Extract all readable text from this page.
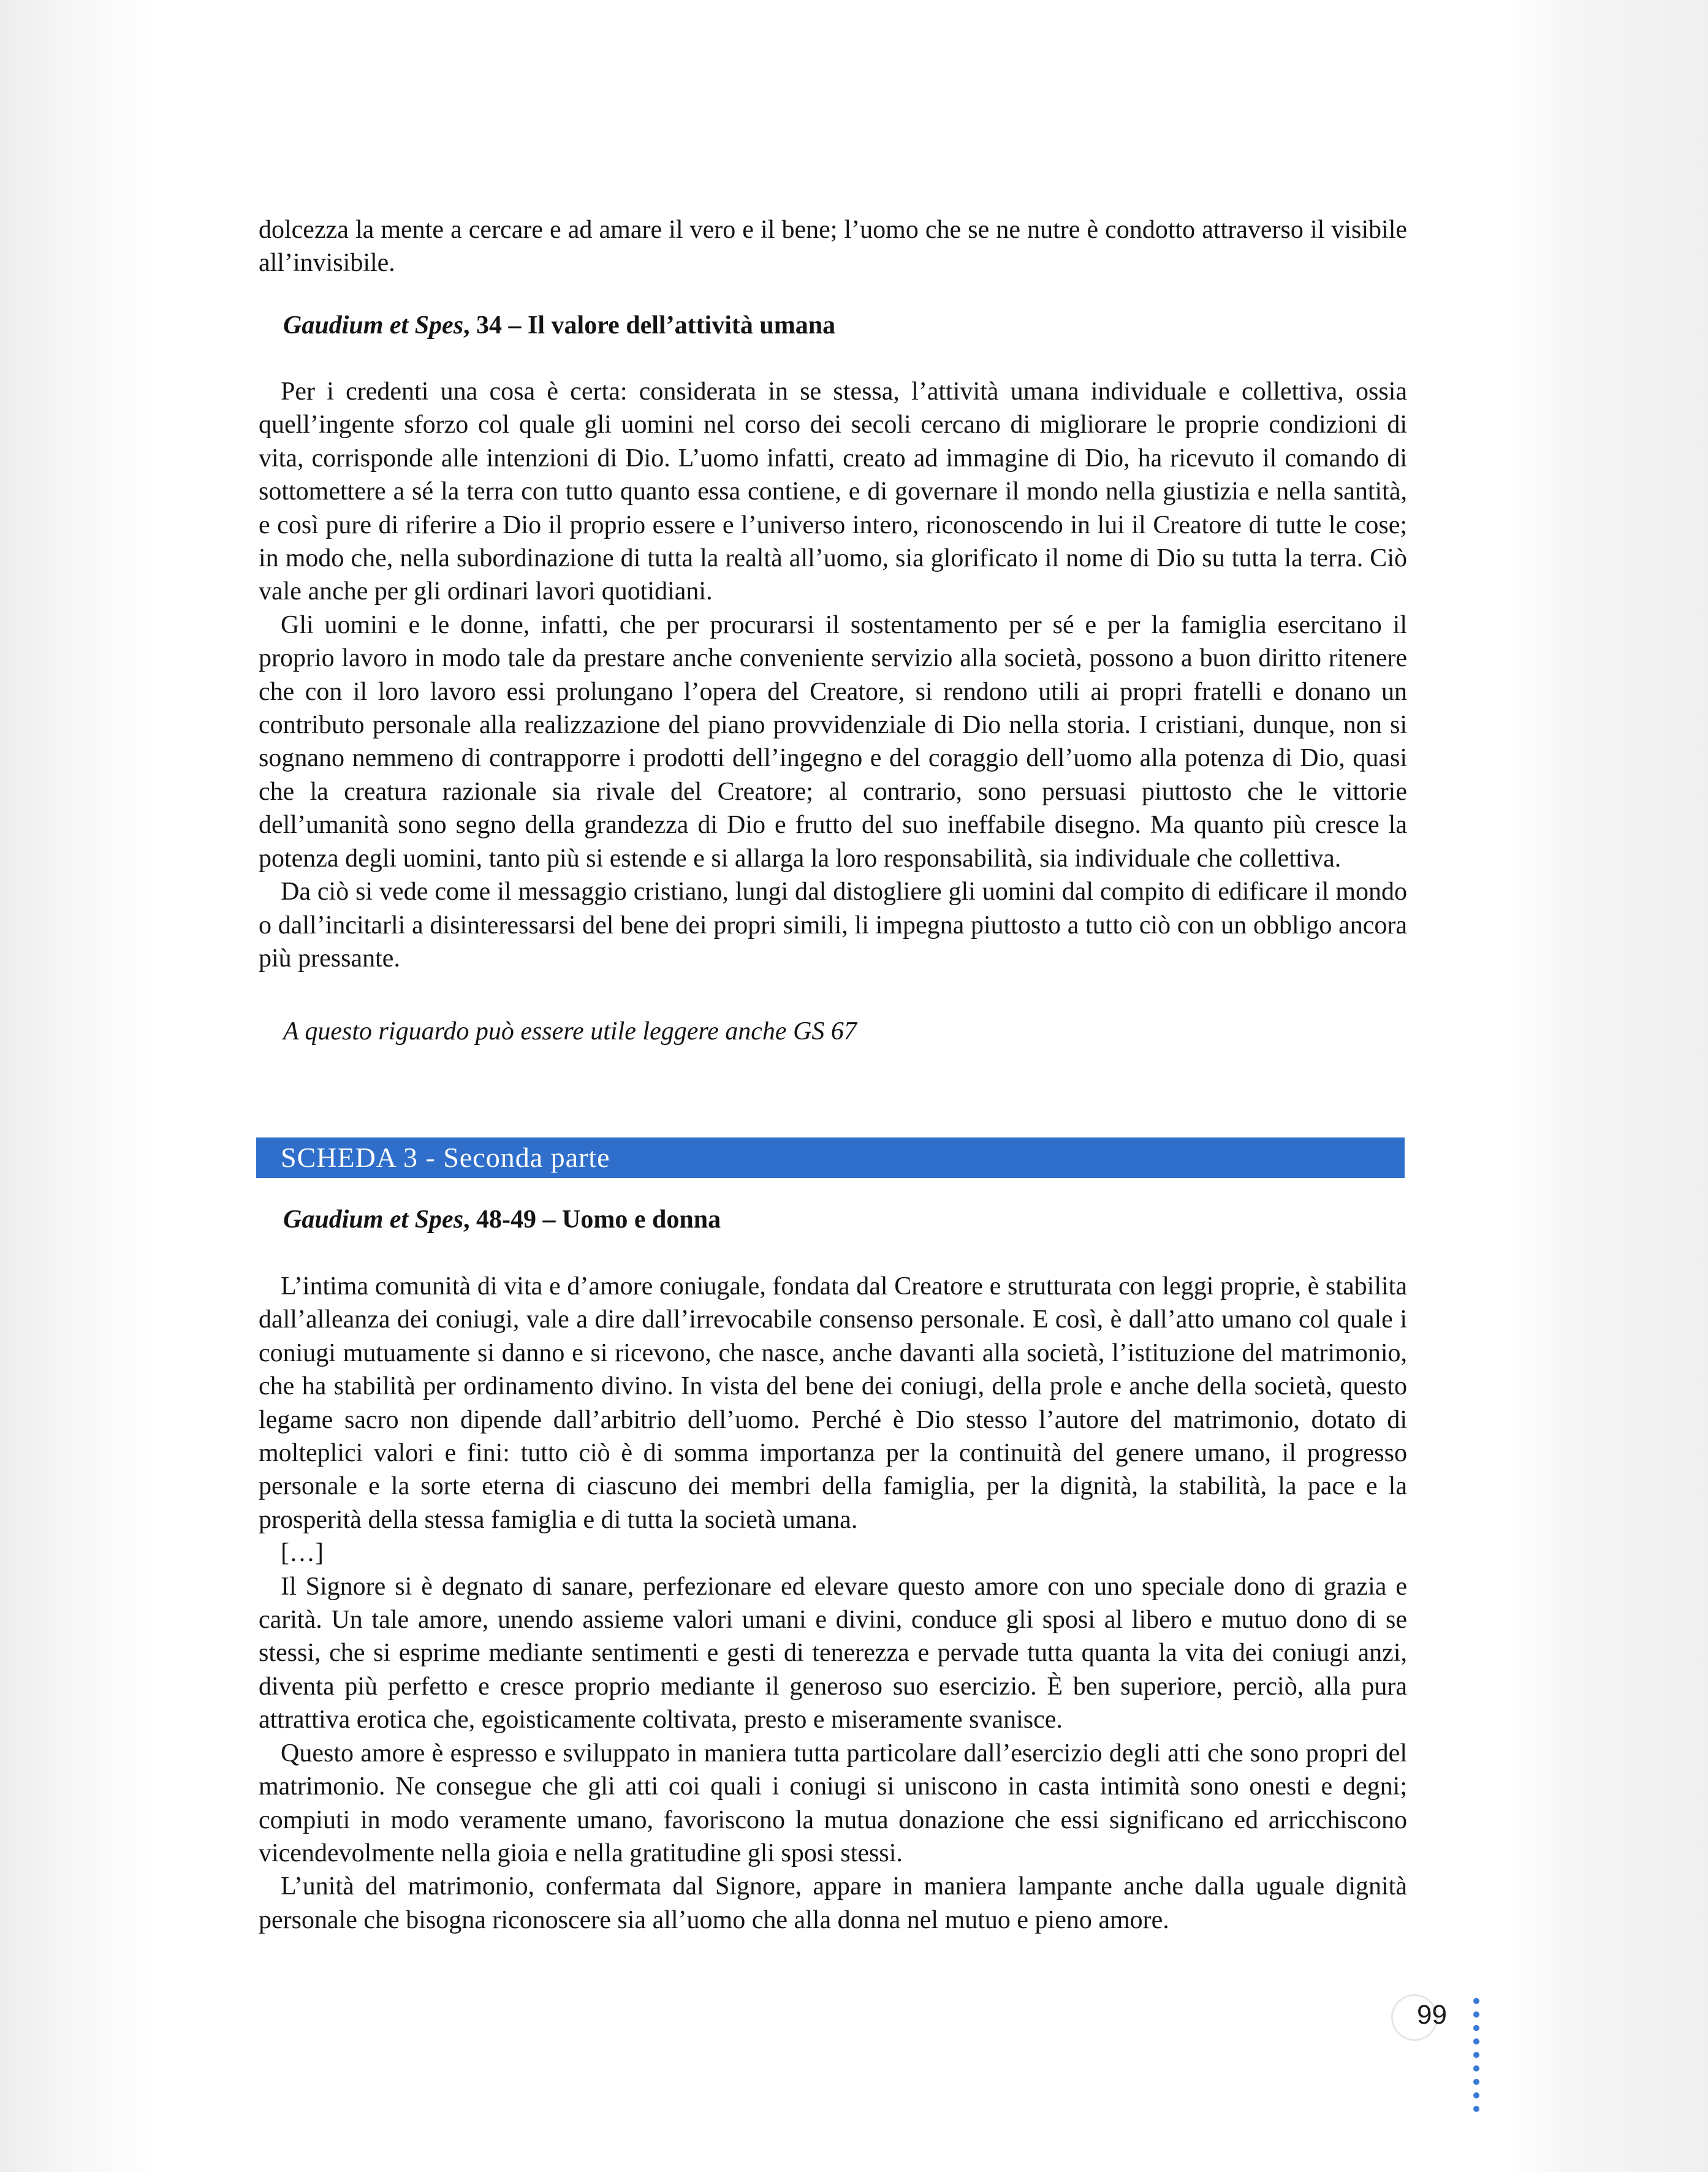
dolcezza la mente a cercare e ad amare il vero e il bene; l’uomo che se ne nutre è condotto attraverso il visibile all’invisibile.

Gaudium et Spes, 34 – Il valore dell’attività umana

Per i credenti una cosa è certa: considerata in se stessa, l’attività umana individuale e collettiva, ossia quell’ingente sforzo col quale gli uomini nel corso dei secoli cercano di migliorare le proprie condizioni di vita, corrisponde alle intenzioni di Dio. L’uomo infatti, creato ad immagine di Dio, ha ricevuto il comando di sottomettere a sé la terra con tutto quanto essa contiene, e di governare il mondo nella giustizia e nella santità, e così pure di riferire a Dio il proprio essere e l’universo intero, riconoscendo in lui il Creatore di tutte le cose; in modo che, nella subordinazione di tutta la realtà all’uomo, sia glorificato il nome di Dio su tutta la terra. Ciò vale anche per gli ordinari lavori quotidiani.

Gli uomini e le donne, infatti, che per procurarsi il sostentamento per sé e per la famiglia esercitano il proprio lavoro in modo tale da prestare anche conveniente servizio alla società, possono a buon diritto ritenere che con il loro lavoro essi prolungano l’opera del Creatore, si rendono utili ai propri fratelli e donano un contributo personale alla realizzazione del piano provvidenziale di Dio nella storia. I cristiani, dunque, non si sognano nemmeno di contrapporre i prodotti dell’ingegno e del coraggio dell’uomo alla potenza di Dio, quasi che la creatura razionale sia rivale del Creatore; al contrario, sono persuasi piuttosto che le vittorie dell’umanità sono segno della grandezza di Dio e frutto del suo ineffabile disegno. Ma quanto più cresce la potenza degli uomini, tanto più si estende e si allarga la loro responsabilità, sia individuale che collettiva.

Da ciò si vede come il messaggio cristiano, lungi dal distogliere gli uomini dal compito di edificare il mondo o dall’incitarli a disinteressarsi del bene dei propri simili, li impegna piuttosto a tutto ciò con un obbligo ancora più pressante.

A questo riguardo può essere utile leggere anche GS 67

SCHEDA 3 - Seconda parte

Gaudium et Spes, 48-49 – Uomo e donna

L’intima comunità di vita e d’amore coniugale, fondata dal Creatore e strutturata con leggi proprie, è stabilita dall’alleanza dei coniugi, vale a dire dall’irrevocabile consenso personale. E così, è dall’atto umano col quale i coniugi mutuamente si danno e si ricevono, che nasce, anche davanti alla società, l’istituzione del matrimonio, che ha stabilità per ordinamento divino. In vista del bene dei coniugi, della prole e anche della società, questo legame sacro non dipende dall’arbitrio dell’uomo. Perché è Dio stesso l’autore del matrimonio, dotato di molteplici valori e fini: tutto ciò è di somma importanza per la continuità del genere umano, il progresso personale e la sorte eterna di ciascuno dei membri della famiglia, per la dignità, la stabilità, la pace e la prosperità della stessa famiglia e di tutta la società umana.

[…]

Il Signore si è degnato di sanare, perfezionare ed elevare questo amore con uno speciale dono di grazia e carità. Un tale amore, unendo assieme valori umani e divini, conduce gli sposi al libero e mutuo dono di se stessi, che si esprime mediante sentimenti e gesti di tenerezza e pervade tutta quanta la vita dei coniugi anzi, diventa più perfetto e cresce proprio mediante il generoso suo esercizio. È ben superiore, perciò, alla pura attrattiva erotica che, egoisticamente coltivata, presto e miseramente svanisce.

Questo amore è espresso e sviluppato in maniera tutta particolare dall’esercizio degli atti che sono propri del matrimonio. Ne consegue che gli atti coi quali i coniugi si uniscono in casta intimità sono onesti e degni; compiuti in modo veramente umano, favoriscono la mutua donazione che essi significano ed arricchiscono vicendevolmente nella gioia e nella gratitudine gli sposi stessi.

L’unità del matrimonio, confermata dal Signore, appare in maniera lampante anche dalla uguale dignità personale che bisogna riconoscere sia all’uomo che alla donna nel mutuo e pieno amore.

99
